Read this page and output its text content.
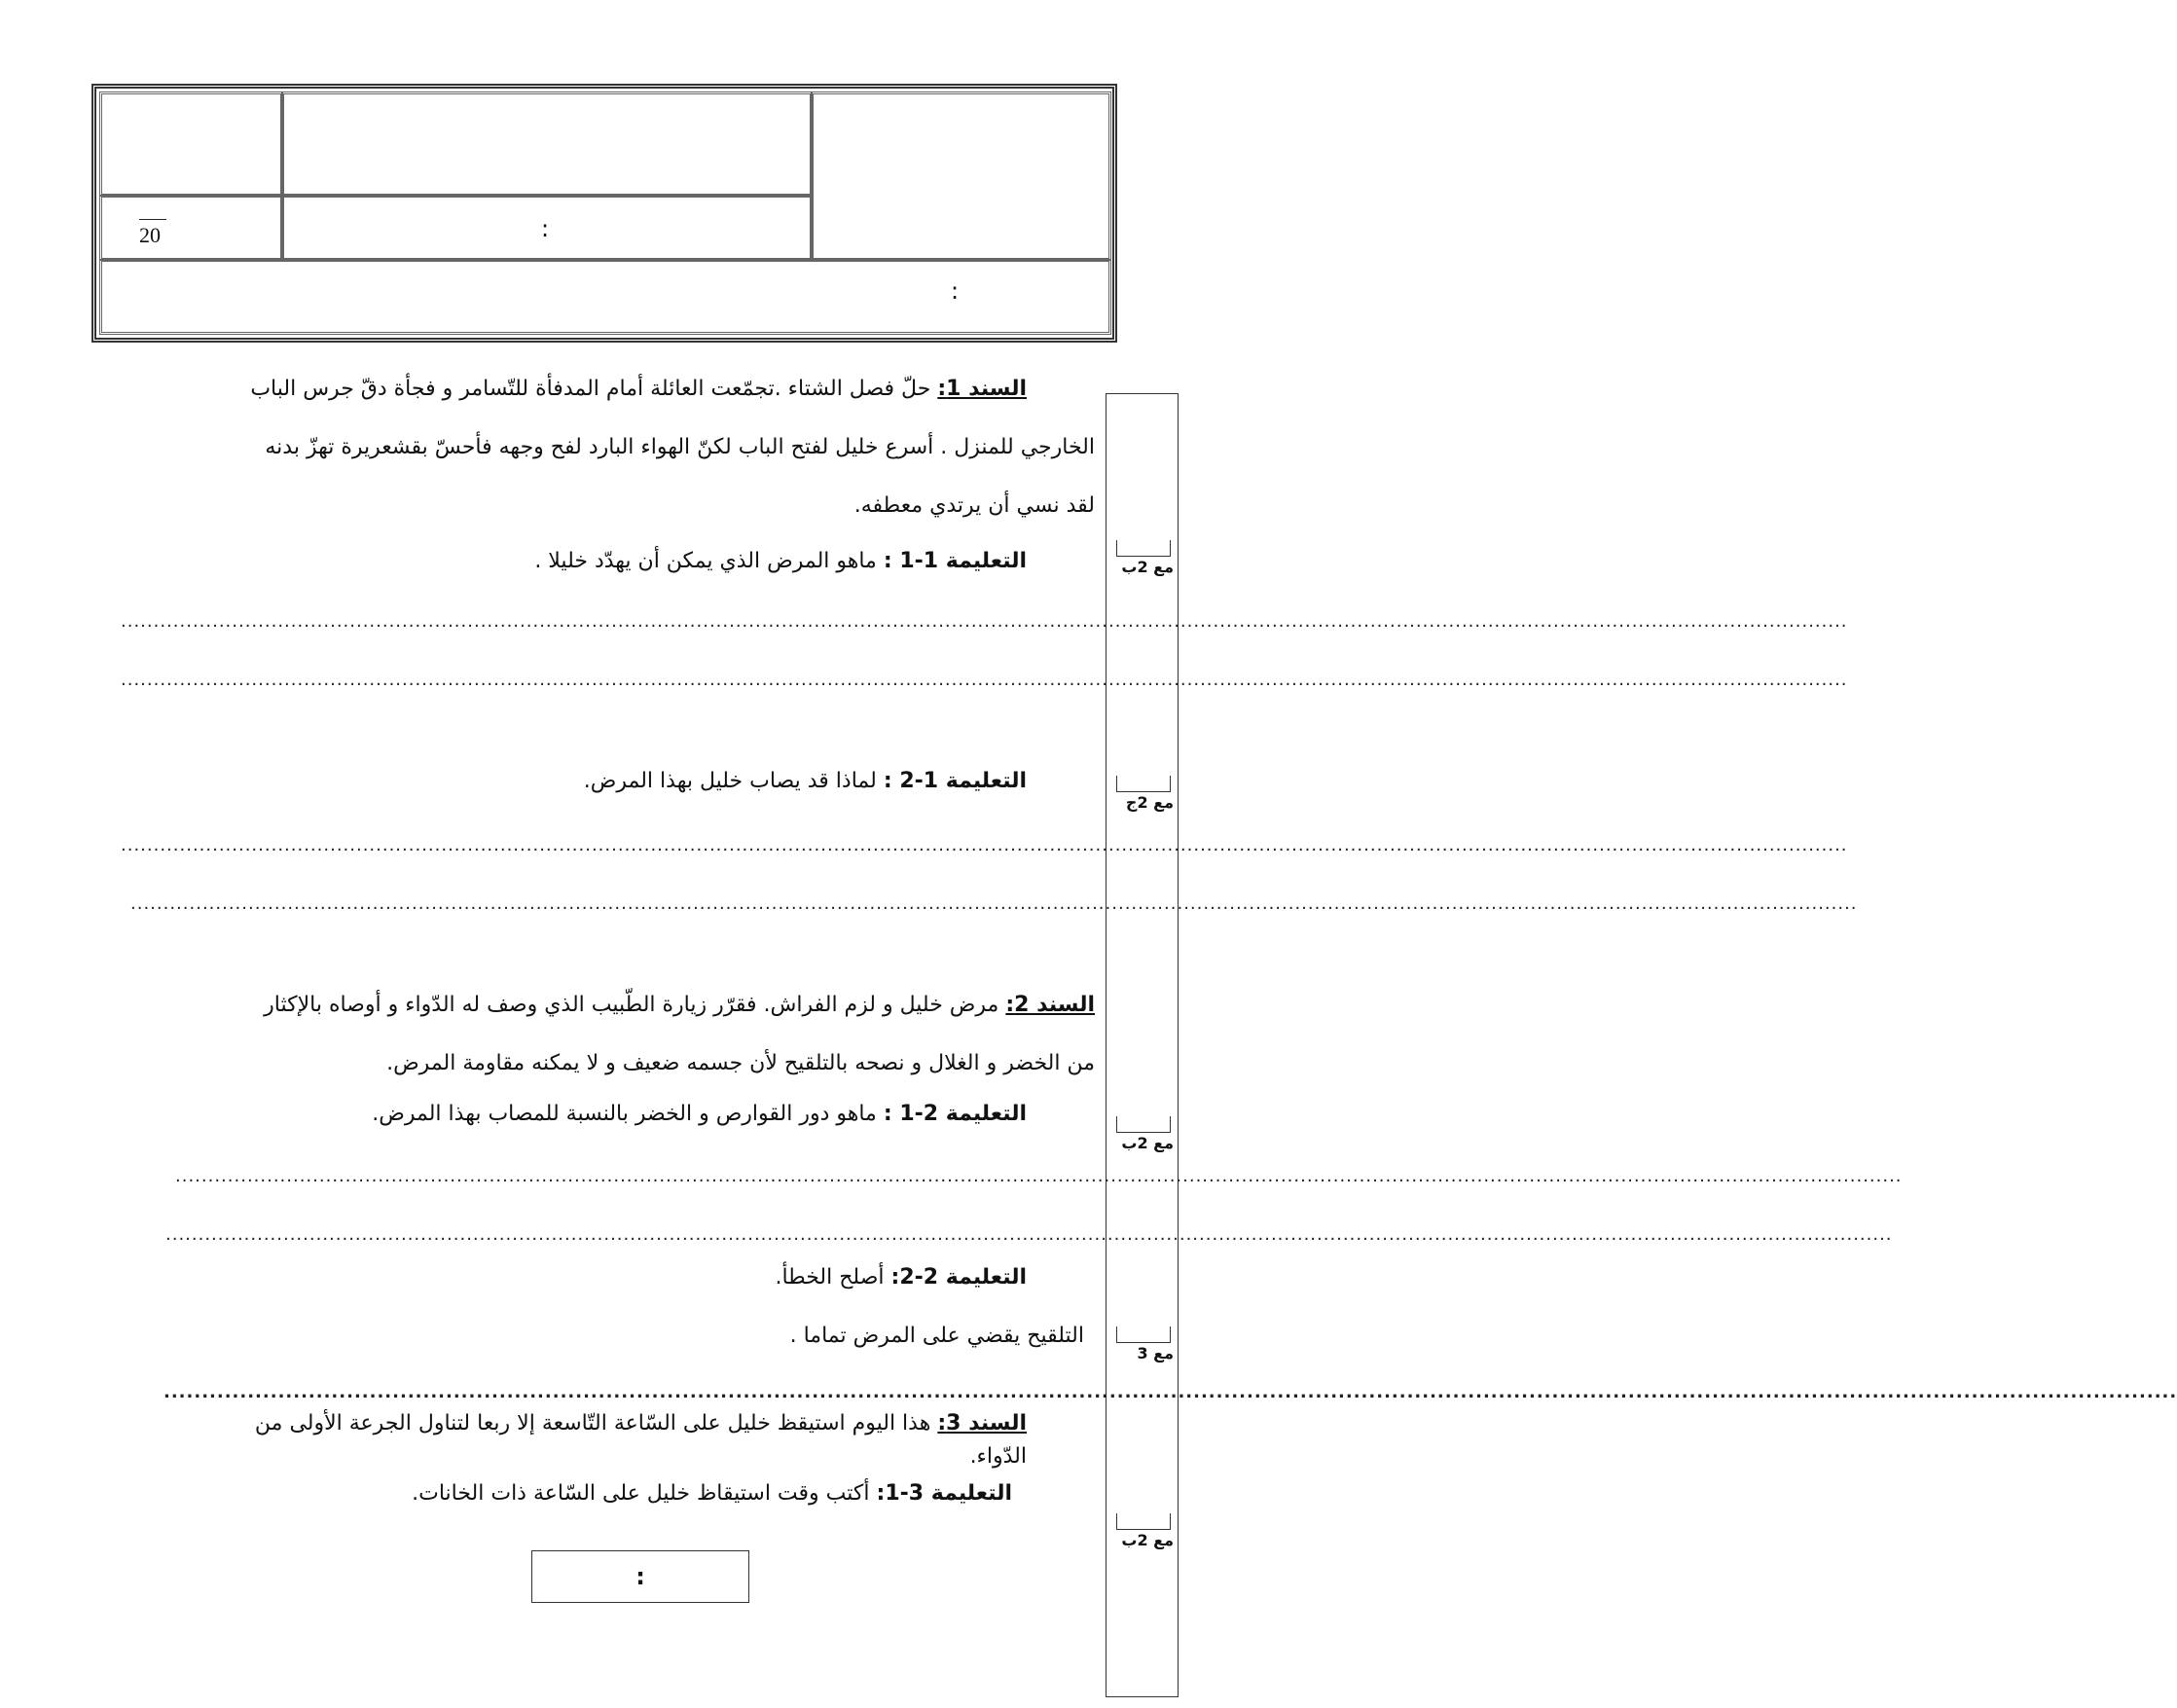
20	:
:
مع 2ب
مع 2ج
مع 2ب
مع 3
مع 2ب
السند 1: حلّ فصل الشتاء .تجمّعت العائلة أمام المدفأة للتّسامر و فجأة دقّ جرس الباب
الخارجي للمنزل . أسرع خليل لفتح الباب لكنّ الهواء البارد لفح وجهه فأحسّ بقشعريرة تهزّ بدنه
لقد نسي أن يرتدي معطفه.
التعليمة 1-1 : ماهو المرض الذي يمكن أن يهدّد خليلا .
........................................................................................................................................................................................................................................................................
........................................................................................................................................................................................................................................................................
التعليمة 1-2 : لماذا قد يصاب خليل بهذا المرض.
........................................................................................................................................................................................................................................................................
........................................................................................................................................................................................................................................................................
السند 2: مرض خليل و لزم الفراش. فقرّر زيارة الطّبيب الذي وصف له الدّواء و أوصاه بالإكثار
من الخضر و الغلال و نصحه بالتلقيح لأن جسمه ضعيف و لا يمكنه مقاومة المرض.
التعليمة 2-1 : ماهو دور القوارص و الخضر بالنسبة للمصاب بهذا المرض.
........................................................................................................................................................................................................................................................................
........................................................................................................................................................................................................................................................................
التعليمة 2-2: أصلح الخطأ.
التلقيح يقضي على المرض تماما .
........................................................................................................................................................................................................................................................................
السند 3: هذا اليوم استيقظ خليل على السّاعة التّاسعة إلا ربعا لتناول الجرعة الأولى من
الدّواء.
التعليمة 3-1: أكتب وقت استيقاظ خليل على السّاعة ذات الخانات.
:
